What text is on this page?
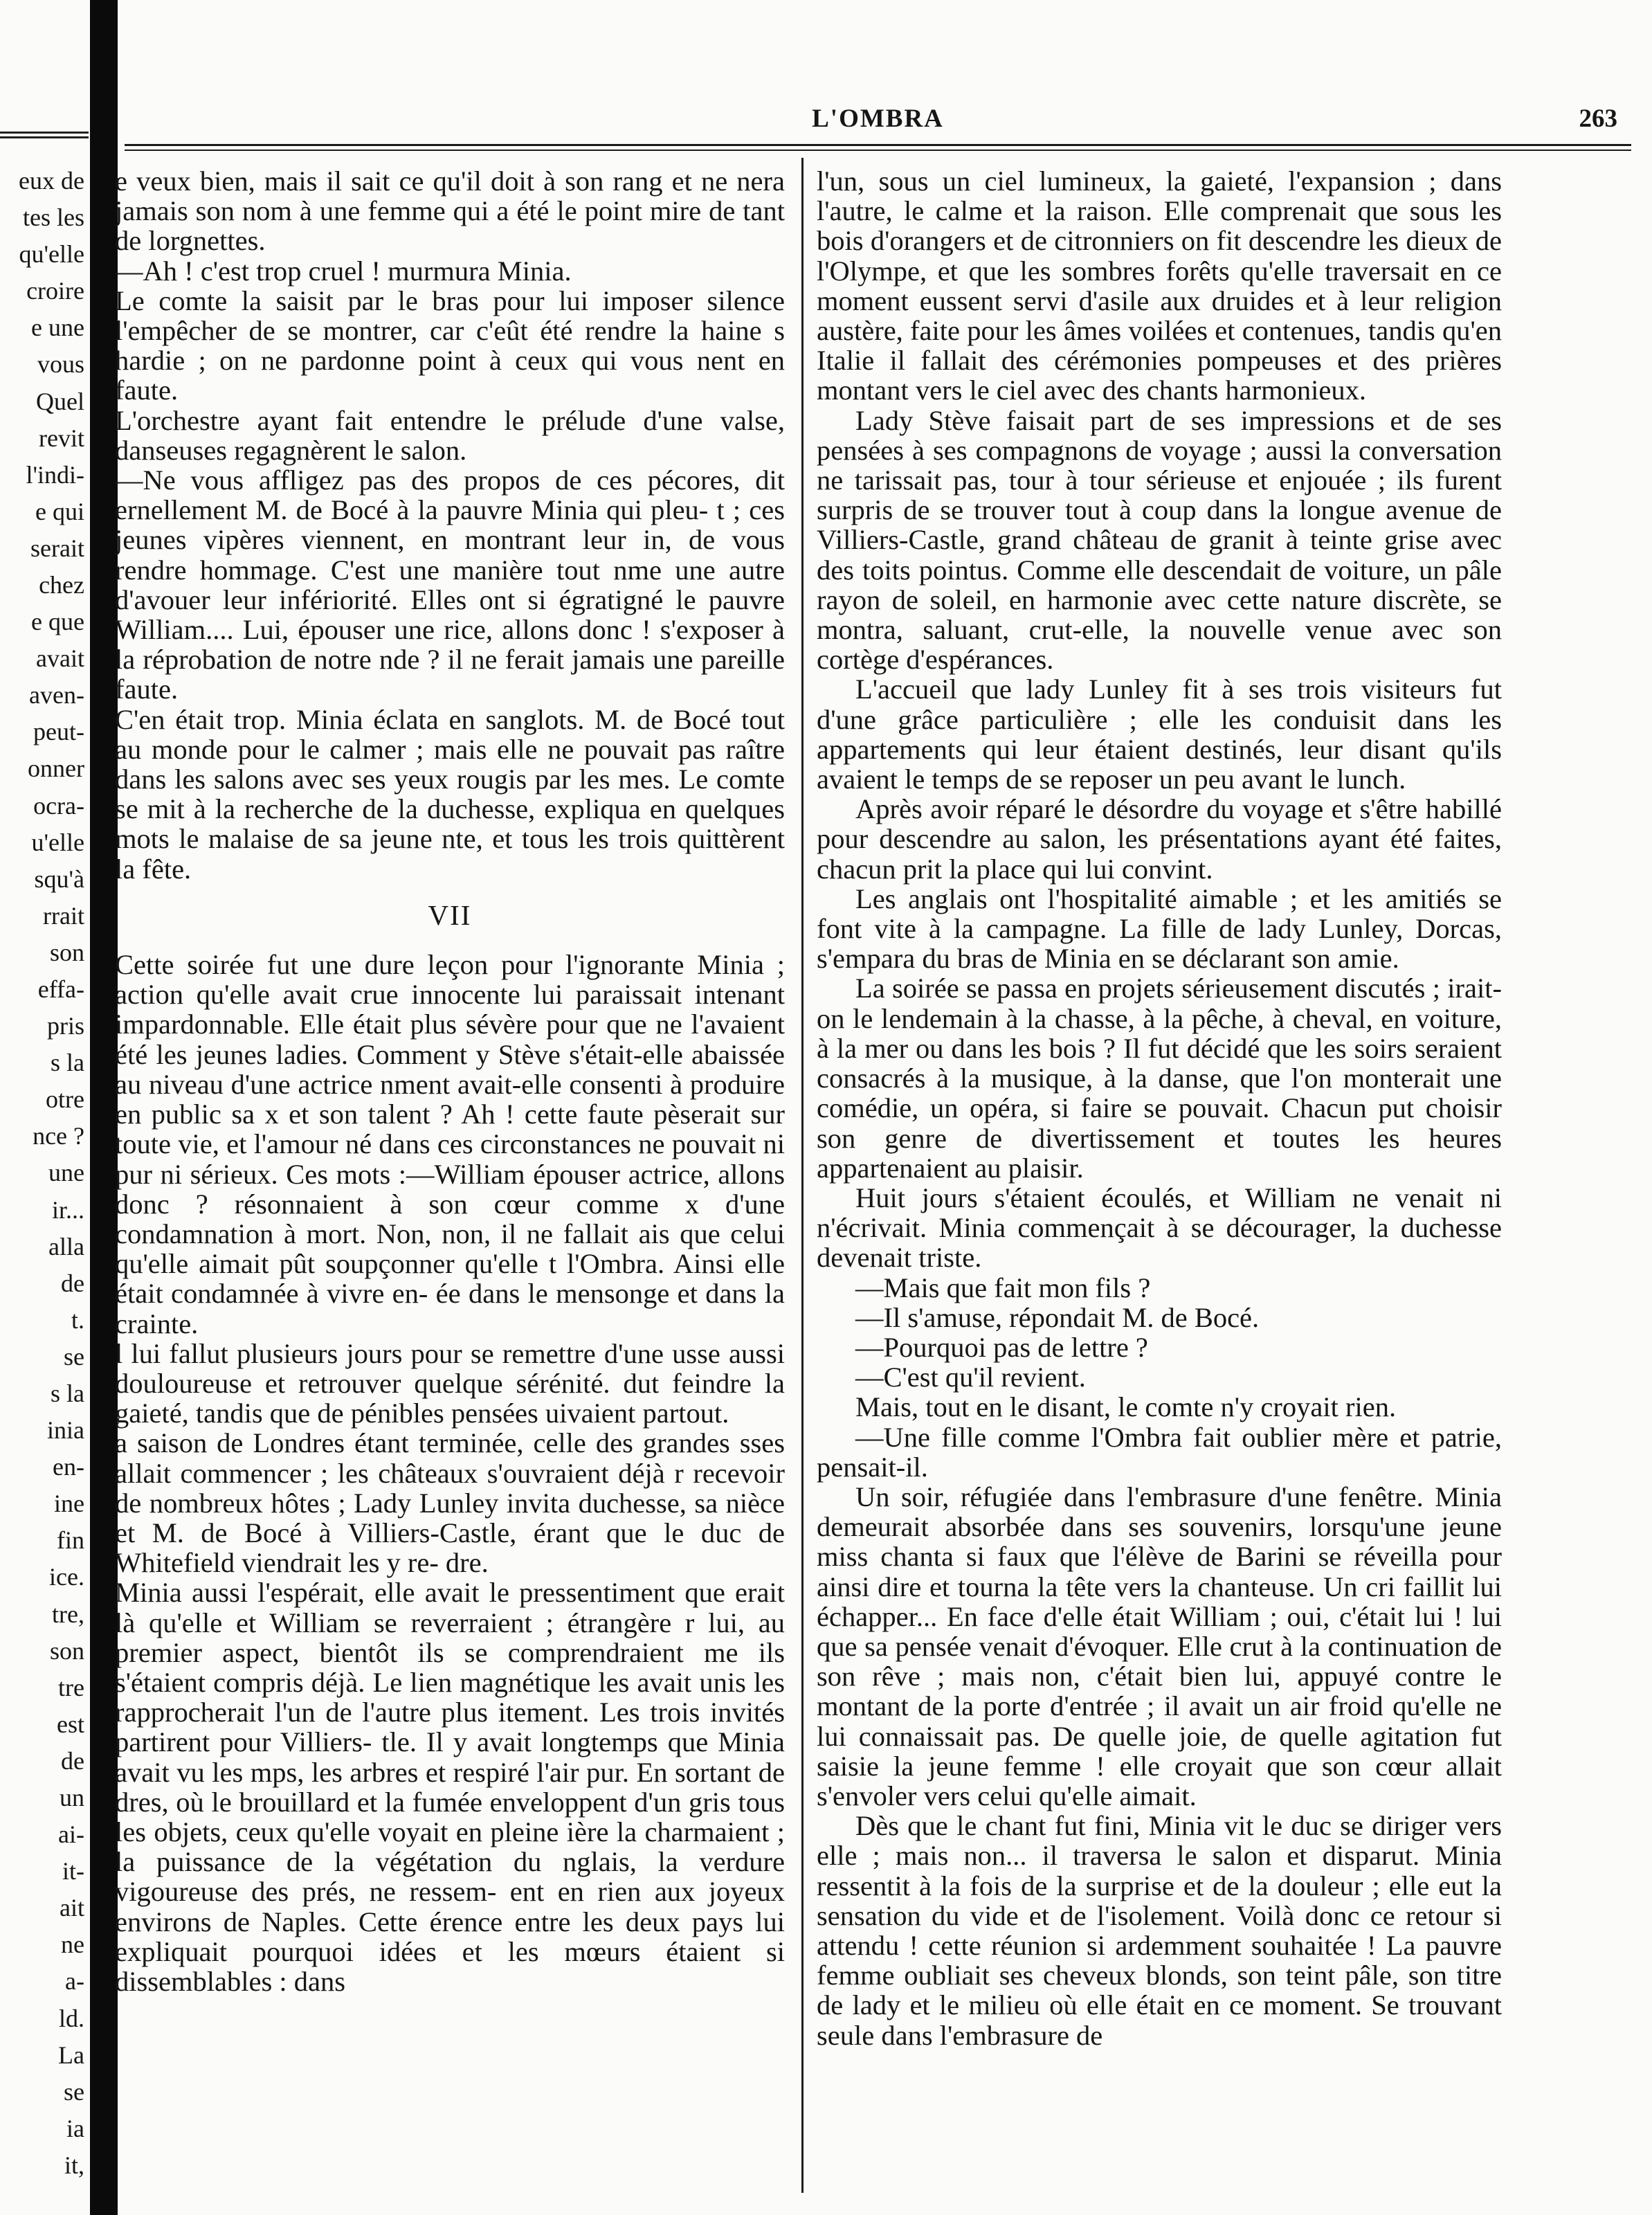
eux de
tes les
qu'elle
croire
e une
vous
Quel
revit
l'indi-
e qui
serait
chez
e que
avait
aven-
peut-
onner
ocra-
u'elle
squ'à
rrait
son
effa-
pris
s la
otre
nce ?
une
ir...
alla
de
t.
se
s la
inia
en-
ine
fin
ice.
tre,
son
tre
est
de
un
ai-
it-
ait
ne
a-
ld.
La
se
ia
it,
L'OMBRA	263

e veux bien, mais il sait ce qu'il doit à son rang et ne nera jamais son nom à une femme qui a été le point mire de tant de lorgnettes.

—Ah ! c'est trop cruel ! murmura Minia.

Le comte la saisit par le bras pour lui imposer silence l'empêcher de se montrer, car c'eût été rendre la haine s hardie ; on ne pardonne point à ceux qui vous nent en faute.

L'orchestre ayant fait entendre le prélude d'une valse, danseuses regagnèrent le salon.

—Ne vous affligez pas des propos de ces pécores, dit ernellement M. de Bocé à la pauvre Minia qui pleu- t ; ces jeunes vipères viennent, en montrant leur in, de vous rendre hommage. C'est une manière tout nme une autre d'avouer leur infériorité. Elles ont si égratigné le pauvre William.... Lui, épouser une rice, allons donc ! s'exposer à la réprobation de notre nde ? il ne ferait jamais une pareille faute.

C'en était trop. Minia éclata en sanglots. M. de Bocé tout au monde pour le calmer ; mais elle ne pouvait pas raître dans les salons avec ses yeux rougis par les mes. Le comte se mit à la recherche de la duchesse, expliqua en quelques mots le malaise de sa jeune nte, et tous les trois quittèrent la fête.

VII

Cette soirée fut une dure leçon pour l'ignorante Minia ; action qu'elle avait crue innocente lui paraissait intenant impardonnable. Elle était plus sévère pour que ne l'avaient été les jeunes ladies. Comment y Stève s'était-elle abaissée au niveau d'une actrice nment avait-elle consenti à produire en public sa x et son talent ? Ah ! cette faute pèserait sur toute vie, et l'amour né dans ces circonstances ne pouvait ni pur ni sérieux. Ces mots :—William épouser actrice, allons donc ? résonnaient à son cœur comme x d'une condamnation à mort. Non, non, il ne fallait ais que celui qu'elle aimait pût soupçonner qu'elle t l'Ombra. Ainsi elle était condamnée à vivre en- ée dans le mensonge et dans la crainte.

l lui fallut plusieurs jours pour se remettre d'une usse aussi douloureuse et retrouver quelque sérénité. dut feindre la gaieté, tandis que de pénibles pensées uivaient partout.

a saison de Londres étant terminée, celle des grandes sses allait commencer ; les châteaux s'ouvraient déjà r recevoir de nombreux hôtes ; Lady Lunley invita duchesse, sa nièce et M. de Bocé à Villiers-Castle, érant que le duc de Whitefield viendrait les y re- dre.

Minia aussi l'espérait, elle avait le pressentiment que erait là qu'elle et William se reverraient ; étrangère r lui, au premier aspect, bientôt ils se comprendraient me ils s'étaient compris déjà. Le lien magnétique les avait unis les rapprocherait l'un de l'autre plus itement. Les trois invités partirent pour Villiers- tle. Il y avait longtemps que Minia avait vu les mps, les arbres et respiré l'air pur. En sortant de dres, où le brouillard et la fumée enveloppent d'un gris tous les objets, ceux qu'elle voyait en pleine ière la charmaient ; la puissance de la végétation du nglais, la verdure vigoureuse des prés, ne ressem- ent en rien aux joyeux environs de Naples. Cette érence entre les deux pays lui expliquait pourquoi idées et les mœurs étaient si dissemblables : dans

l'un, sous un ciel lumineux, la gaieté, l'expansion ; dans l'autre, le calme et la raison. Elle comprenait que sous les bois d'orangers et de citronniers on fit descendre les dieux de l'Olympe, et que les sombres forêts qu'elle traversait en ce moment eussent servi d'asile aux druides et à leur religion austère, faite pour les âmes voilées et contenues, tandis qu'en Italie il fallait des cérémonies pompeuses et des prières montant vers le ciel avec des chants harmonieux.

Lady Stève faisait part de ses impressions et de ses pensées à ses compagnons de voyage ; aussi la conversation ne tarissait pas, tour à tour sérieuse et enjouée ; ils furent surpris de se trouver tout à coup dans la longue avenue de Villiers-Castle, grand château de granit à teinte grise avec des toits pointus. Comme elle descendait de voiture, un pâle rayon de soleil, en harmonie avec cette nature discrète, se montra, saluant, crut-elle, la nouvelle venue avec son cortège d'espérances.

L'accueil que lady Lunley fit à ses trois visiteurs fut d'une grâce particulière ; elle les conduisit dans les appartements qui leur étaient destinés, leur disant qu'ils avaient le temps de se reposer un peu avant le lunch.

Après avoir réparé le désordre du voyage et s'être habillé pour descendre au salon, les présentations ayant été faites, chacun prit la place qui lui convint.

Les anglais ont l'hospitalité aimable ; et les amitiés se font vite à la campagne. La fille de lady Lunley, Dorcas, s'empara du bras de Minia en se déclarant son amie.

La soirée se passa en projets sérieusement discutés ; irait-on le lendemain à la chasse, à la pêche, à cheval, en voiture, à la mer ou dans les bois ? Il fut décidé que les soirs seraient consacrés à la musique, à la danse, que l'on monterait une comédie, un opéra, si faire se pouvait. Chacun put choisir son genre de divertissement et toutes les heures appartenaient au plaisir.

Huit jours s'étaient écoulés, et William ne venait ni n'écrivait. Minia commençait à se décourager, la duchesse devenait triste.

—Mais que fait mon fils ?

—Il s'amuse, répondait M. de Bocé.

—Pourquoi pas de lettre ?

—C'est qu'il revient.

Mais, tout en le disant, le comte n'y croyait rien.

—Une fille comme l'Ombra fait oublier mère et patrie, pensait-il.

Un soir, réfugiée dans l'embrasure d'une fenêtre. Minia demeurait absorbée dans ses souvenirs, lorsqu'une jeune miss chanta si faux que l'élève de Barini se réveilla pour ainsi dire et tourna la tête vers la chanteuse. Un cri faillit lui échapper... En face d'elle était William ; oui, c'était lui ! lui que sa pensée venait d'évoquer. Elle crut à la continuation de son rêve ; mais non, c'était bien lui, appuyé contre le montant de la porte d'entrée ; il avait un air froid qu'elle ne lui connaissait pas. De quelle joie, de quelle agitation fut saisie la jeune femme ! elle croyait que son cœur allait s'envoler vers celui qu'elle aimait.

Dès que le chant fut fini, Minia vit le duc se diriger vers elle ; mais non... il traversa le salon et disparut. Minia ressentit à la fois de la surprise et de la douleur ; elle eut la sensation du vide et de l'isolement. Voilà donc ce retour si attendu ! cette réunion si ardemment souhaitée ! La pauvre femme oubliait ses cheveux blonds, son teint pâle, son titre de lady et le milieu où elle était en ce moment. Se trouvant seule dans l'embrasure de
